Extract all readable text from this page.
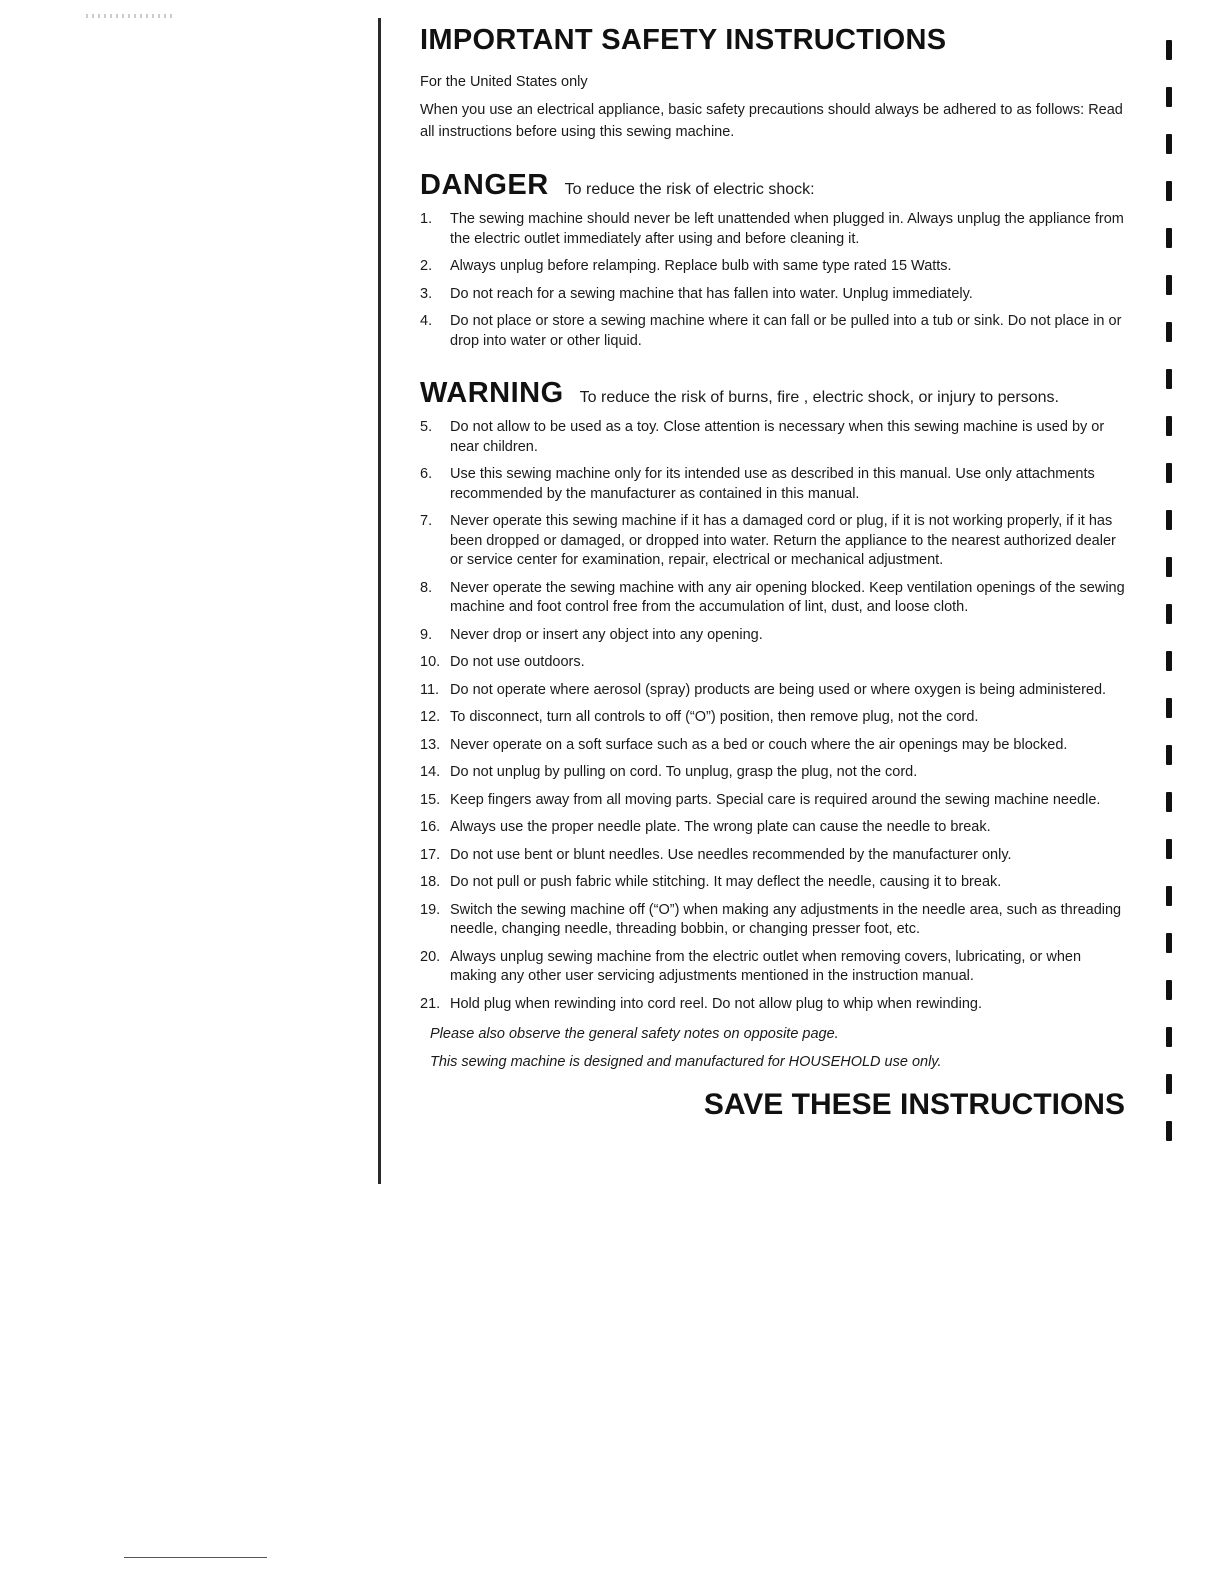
IMPORTANT SAFETY INSTRUCTIONS

For the United States only

When you use an electrical appliance, basic safety precautions should always be adhered to as follows: Read all instructions before using this sewing machine.

DANGER To reduce the risk of electric shock:
1.	The sewing machine should never be left unattended when plugged in. Always unplug the appliance from the electric outlet immediately after using and before cleaning it.
2.	Always unplug before relamping. Replace bulb with same type rated 15 Watts.
3.	Do not reach for a sewing machine that has fallen into water. Unplug immediately.
4.	Do not place or store a sewing machine where it can fall or be pulled into a tub or sink. Do not place in or drop into water or other liquid.
WARNING To reduce the risk of burns, fire , electric shock, or injury to persons.
5.	Do not allow to be used as a toy. Close attention is necessary when this sewing machine is used by or near children.
6.	Use this sewing machine only for its intended use as described in this manual. Use only attachments recommended by the manufacturer as contained in this manual.
7.	Never operate this sewing machine if it has a damaged cord or plug, if it is not working properly, if it has been dropped or damaged, or dropped into water. Return the appliance to the nearest authorized dealer or service center for examination, repair, electrical or mechanical adjustment.
8.	Never operate the sewing machine with any air opening blocked. Keep ventilation openings of the sewing machine and foot control free from the accumulation of lint, dust, and loose cloth.
9.	Never drop or insert any object into any opening.
10. Do not use outdoors.
11. Do not operate where aerosol (spray) products are being used or where oxygen is being administered.
12. To disconnect, turn all controls to off (“O”) position, then remove plug, not the cord.
13. Never operate on a soft surface such as a bed or couch where the air openings may be blocked.
14. Do not unplug by pulling on cord. To unplug, grasp the plug, not the cord.
15. Keep fingers away from all moving parts. Special care is required around the sewing machine needle.
16. Always use the proper needle plate. The wrong plate can cause the needle to break.
17. Do not use bent or blunt needles. Use needles recommended by the manufacturer only.
18. Do not pull or push fabric while stitching. It may deflect the needle, causing it to break.
19. Switch the sewing machine off (“O”) when making any adjustments in the needle area, such as threading needle, changing needle, threading bobbin, or changing presser foot, etc.
20. Always unplug sewing machine from the electric outlet when removing covers, lubricating, or when making any other user servicing adjustments mentioned in the instruction manual.
21. Hold plug when rewinding into cord reel. Do not allow plug to whip when rewinding.

Please also observe the general safety notes on opposite page.

This sewing machine is designed and manufactured for HOUSEHOLD use only.

SAVE THESE INSTRUCTIONS
